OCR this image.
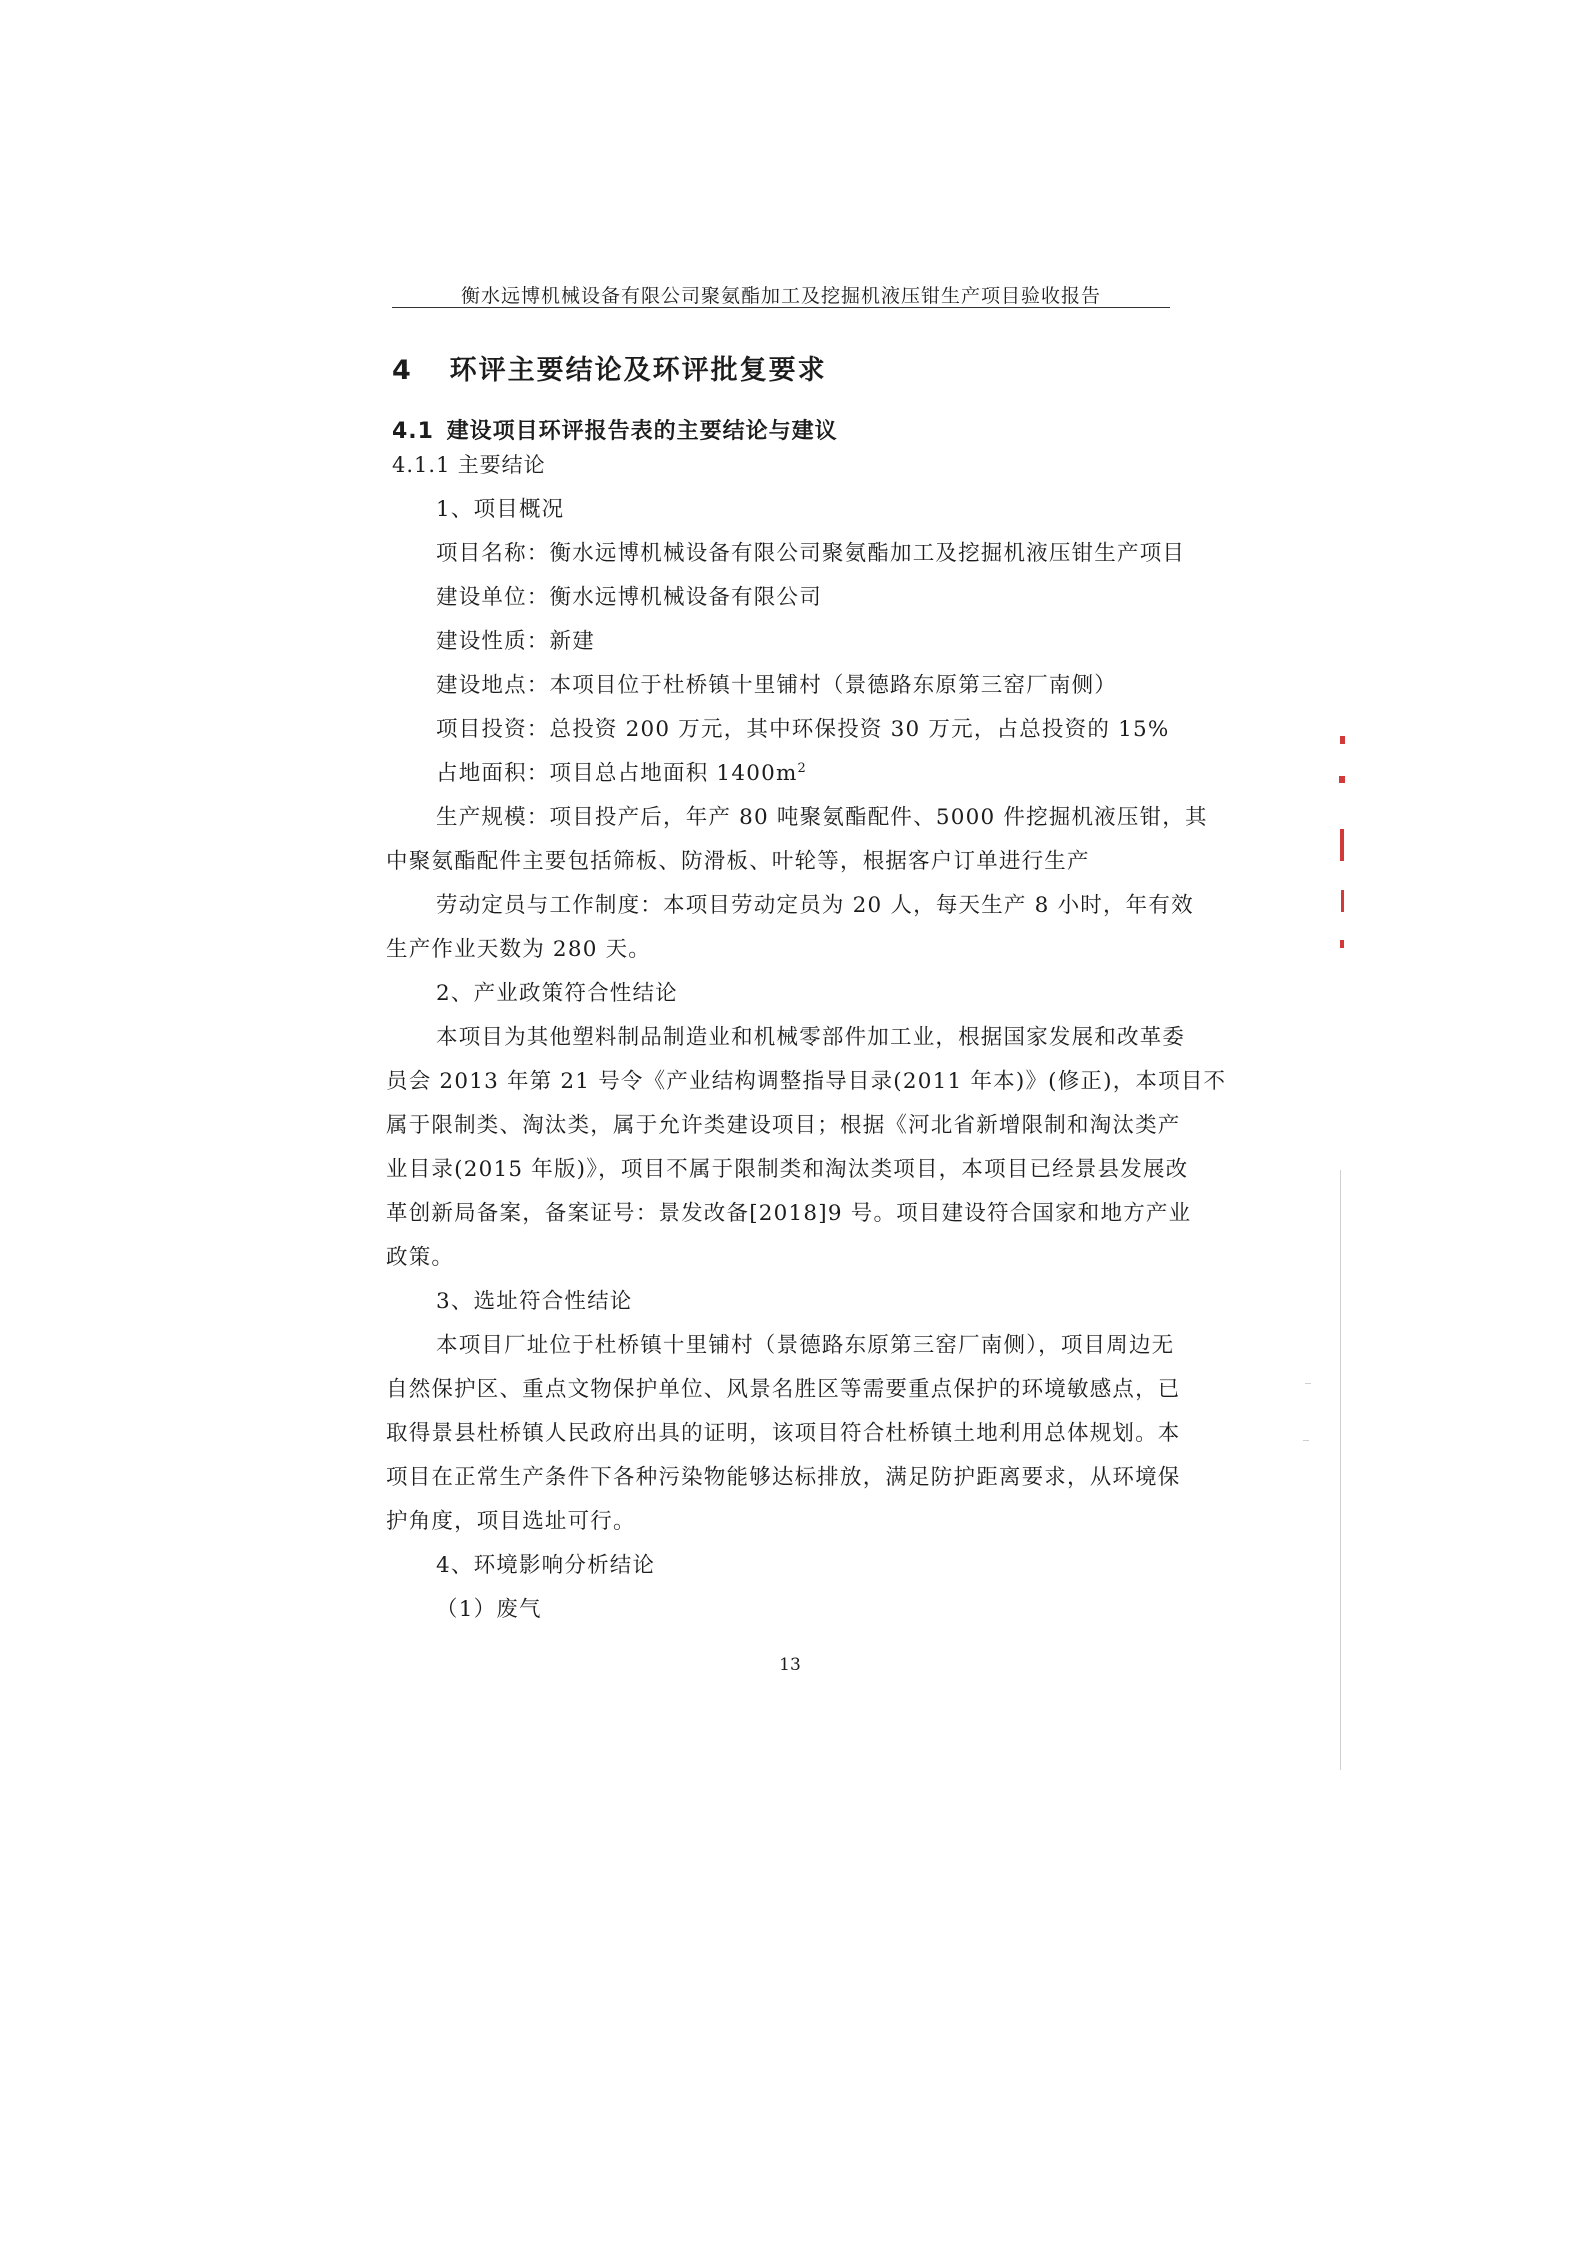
衡水远博机械设备有限公司聚氨酯加工及挖掘机液压钳生产项目验收报告
4 环评主要结论及环评批复要求
4.1 建设项目环评报告表的主要结论与建议
4.1.1 主要结论
1、项目概况
项目名称：衡水远博机械设备有限公司聚氨酯加工及挖掘机液压钳生产项目
建设单位：衡水远博机械设备有限公司
建设性质：新建
建设地点：本项目位于杜桥镇十里铺村（景德路东原第三窑厂南侧）
项目投资：总投资 200 万元，其中环保投资 30 万元，占总投资的 15%
占地面积：项目总占地面积 $1400m^2$
生产规模：项目投产后，年产 80 吨聚氨酯配件、5000 件挖掘机液压钳，其
中聚氨酯配件主要包括筛板、防滑板、叶轮等，根据客户订单进行生产
劳动定员与工作制度：本项目劳动定员为 20 人，每天生产 8 小时，年有效
生产作业天数为 280 天。
2、产业政策符合性结论
本项目为其他塑料制品制造业和机械零部件加工业，根据国家发展和改革委
员会 2013 年第 21 号令《产业结构调整指导目录(2011 年本)》(修正)，本项目不
属于限制类、淘汰类，属于允许类建设项目；根据《河北省新增限制和淘汰类产
业目录(2015 年版)》，项目不属于限制类和淘汰类项目，本项目已经景县发展改
革创新局备案，备案证号：景发改备[2018]9 号。项目建设符合国家和地方产业
政策。
3、选址符合性结论
本项目厂址位于杜桥镇十里铺村（景德路东原第三窑厂南侧），项目周边无
自然保护区、重点文物保护单位、风景名胜区等需要重点保护的环境敏感点，已
取得景县杜桥镇人民政府出具的证明，该项目符合杜桥镇土地利用总体规划。本
项目在正常生产条件下各种污染物能够达标排放，满足防护距离要求，从环境保
护角度，项目选址可行。
4、环境影响分析结论
（1）废气
13
